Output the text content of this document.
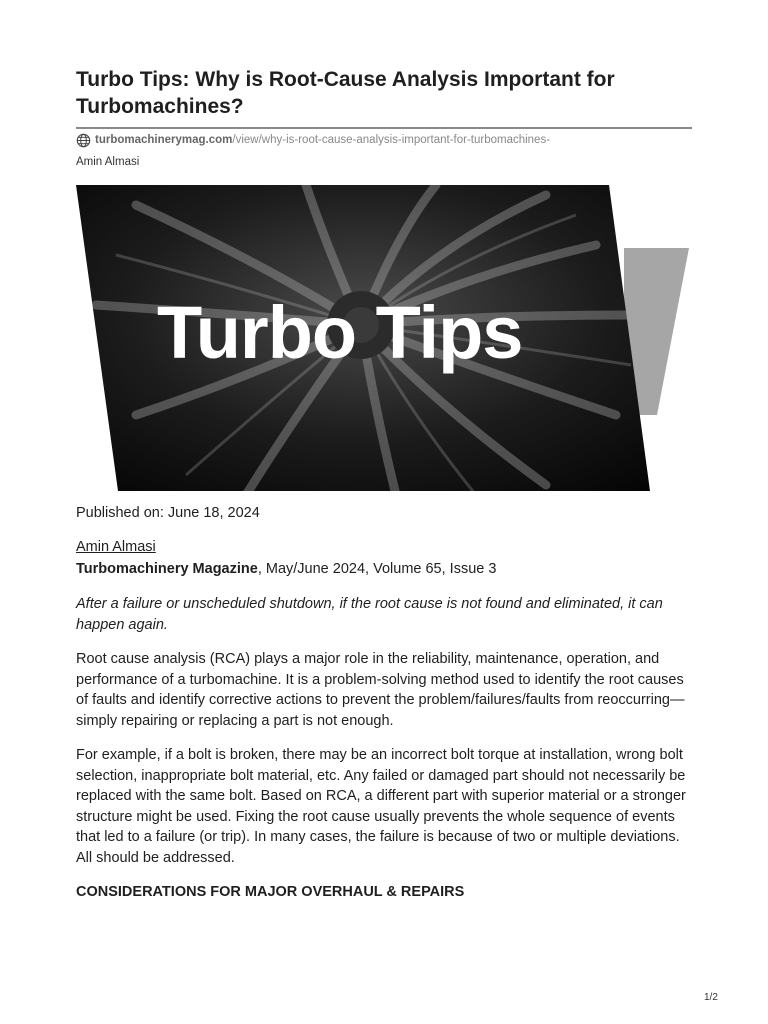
Turbo Tips: Why is Root-Cause Analysis Important for Turbomachines?
turbomachinerymag.com /view/why-is-root-cause-analysis-important-for-turbomachines-
Amin Almasi
Turbo Tips
Published on: June 18, 2024
Amin Almasi
Turbomachinery Magazine, May/June 2024, Volume 65, Issue 3

After a failure or unscheduled shutdown, if the root cause is not found and eliminated, it can happen again.

Root cause analysis (RCA) plays a major role in the reliability, maintenance, operation, and performance of a turbomachine. It is a problem-solving method used to identify the root causes of faults and identify corrective actions to prevent the problem/failures/faults from reoccurring—simply repairing or replacing a part is not enough.

For example, if a bolt is broken, there may be an incorrect bolt torque at installation, wrong bolt selection, inappropriate bolt material, etc. Any failed or damaged part should not necessarily be replaced with the same bolt. Based on RCA, a different part with superior material or a stronger structure might be used. Fixing the root cause usually prevents the whole sequence of events that led to a failure (or trip). In many cases, the failure is because of two or multiple deviations. All should be addressed.

CONSIDERATIONS FOR MAJOR OVERHAUL & REPAIRS
1/2
